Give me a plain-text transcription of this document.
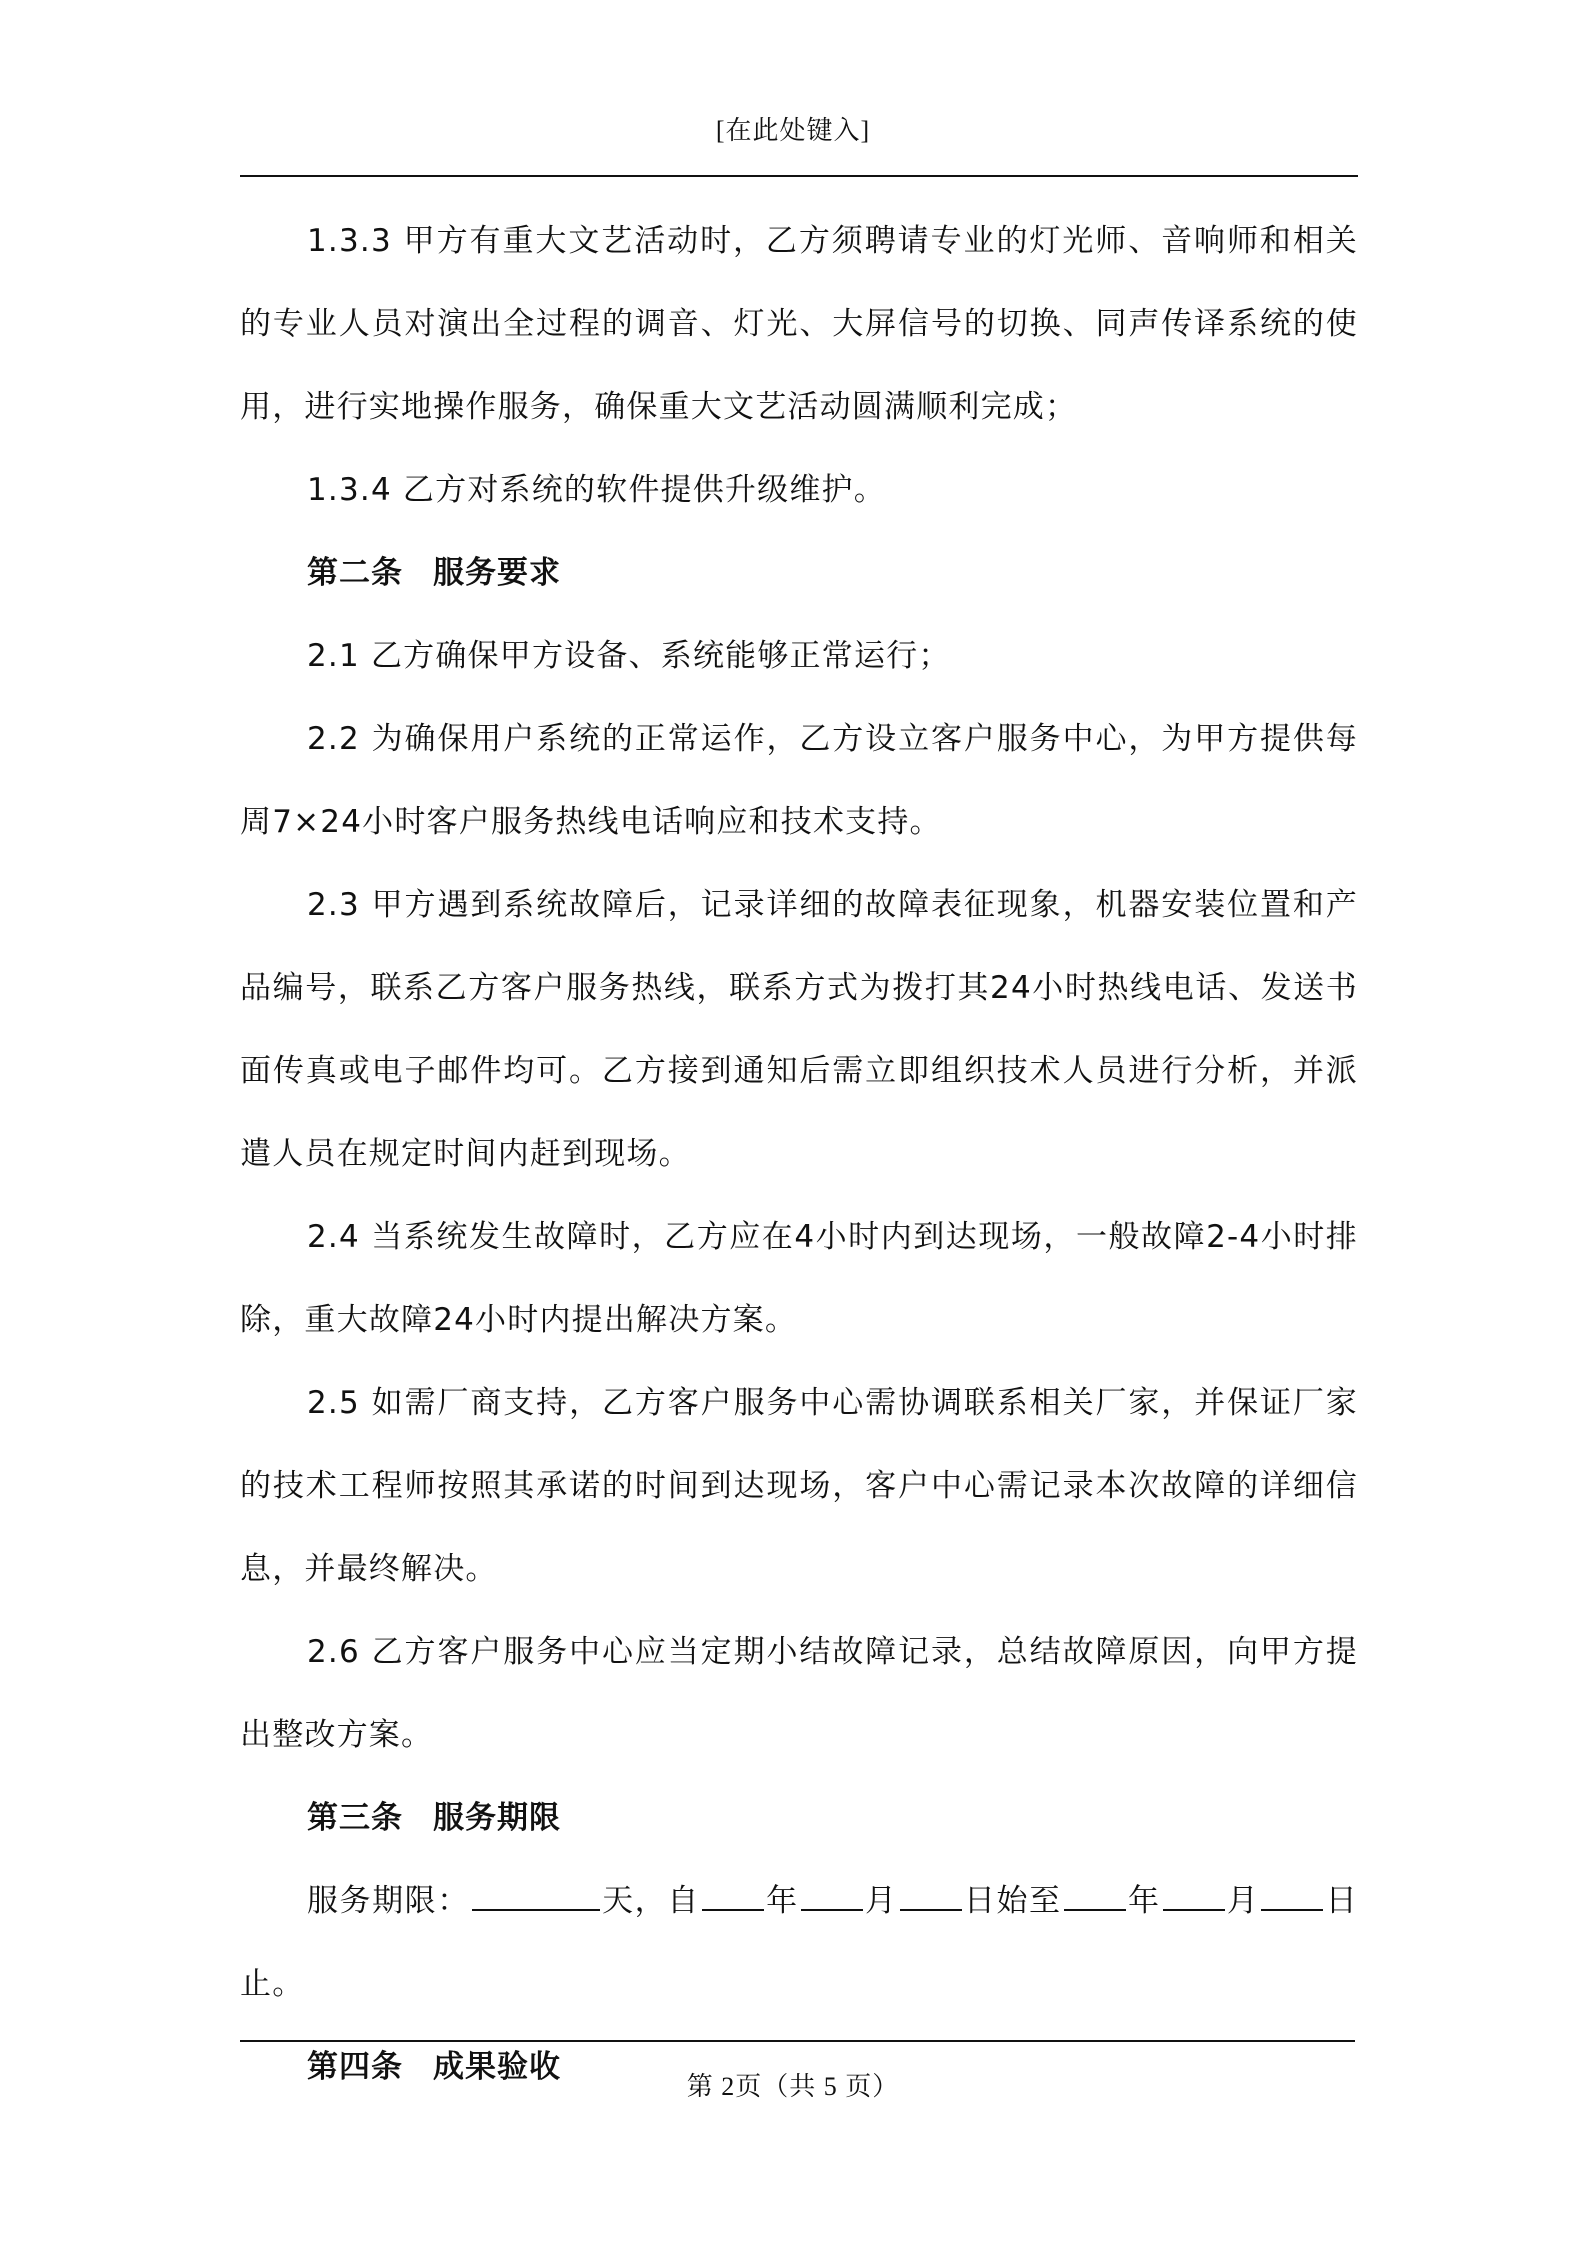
[在此处键入]

1.3.3 甲方有重大文艺活动时，乙方须聘请专业的灯光师、音响师和相关的专业人员对演出全过程的调音、灯光、大屏信号的切换、同声传译系统的使用，进行实地操作服务，确保重大文艺活动圆满顺利完成；

1.3.4 乙方对系统的软件提供升级维护。

第二条 服务要求

2.1 乙方确保甲方设备、系统能够正常运行；

2.2 为确保用户系统的正常运作，乙方设立客户服务中心，为甲方提供每周7×24小时客户服务热线电话响应和技术支持。

2.3 甲方遇到系统故障后，记录详细的故障表征现象，机器安装位置和产品编号，联系乙方客户服务热线，联系方式为拨打其24小时热线电话、发送书面传真或电子邮件均可。乙方接到通知后需立即组织技术人员进行分析，并派遣人员在规定时间内赶到现场。

2.4 当系统发生故障时，乙方应在4小时内到达现场，一般故障2-4小时排除，重大故障24小时内提出解决方案。

2.5 如需厂商支持，乙方客户服务中心需协调联系相关厂家，并保证厂家的技术工程师按照其承诺的时间到达现场，客户中心需记录本次故障的详细信息，并最终解决。

2.6 乙方客户服务中心应当定期小结故障记录，总结故障原因，向甲方提出整改方案。

第三条 服务期限

服务期限：	天，自 年 月 日始至 年 月 日止。

第四条 成果验收

第 2页（共 5 页）
